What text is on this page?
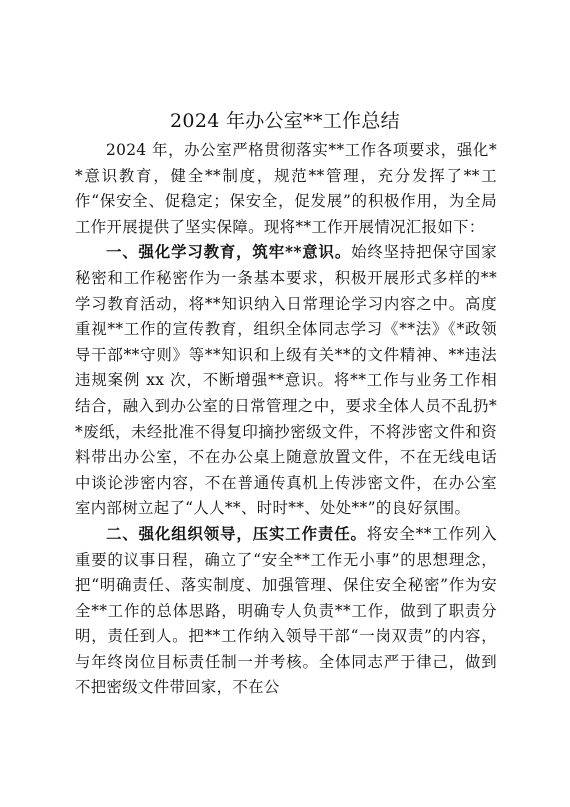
2024 年办公室**工作总结

2024 年，办公室严格贯彻落实**工作各项要求，强化**意识教育，健全**制度，规范**管理，充分发挥了**工作“保安全、促稳定；保安全，促发展”的积极作用，为全局工作开展提供了坚实保障。现将**工作开展情况汇报如下：

一、强化学习教育，筑牢**意识。始终坚持把保守国家秘密和工作秘密作为一条基本要求，积极开展形式多样的**学习教育活动，将**知识纳入日常理论学习内容之中。高度重视**工作的宣传教育，组织全体同志学习《**法》《*政领导干部**守则》等**知识和上级有关**的文件精神、**违法违规案例 xx 次，不断增强**意识。将**工作与业务工作相结合，融入到办公室的日常管理之中，要求全体人员不乱扔**废纸，未经批准不得复印摘抄密级文件，不将涉密文件和资料带出办公室，不在办公桌上随意放置文件，不在无线电话中谈论涉密内容，不在普通传真机上传涉密文件，在办公室室内部树立起了“人人**、时时**、处处**”的良好氛围。

二、强化组织领导，压实工作责任。将安全**工作列入重要的议事日程，确立了“安全**工作无小事”的思想理念，把“明确责任、落实制度、加强管理、保住安全秘密”作为安全**工作的总体思路，明确专人负责**工作，做到了职责分明，责任到人。把**工作纳入领导干部“一岗双责”的内容，与年终岗位目标责任制一并考核。全体同志严于律己，做到不把密级文件带回家，不在公
